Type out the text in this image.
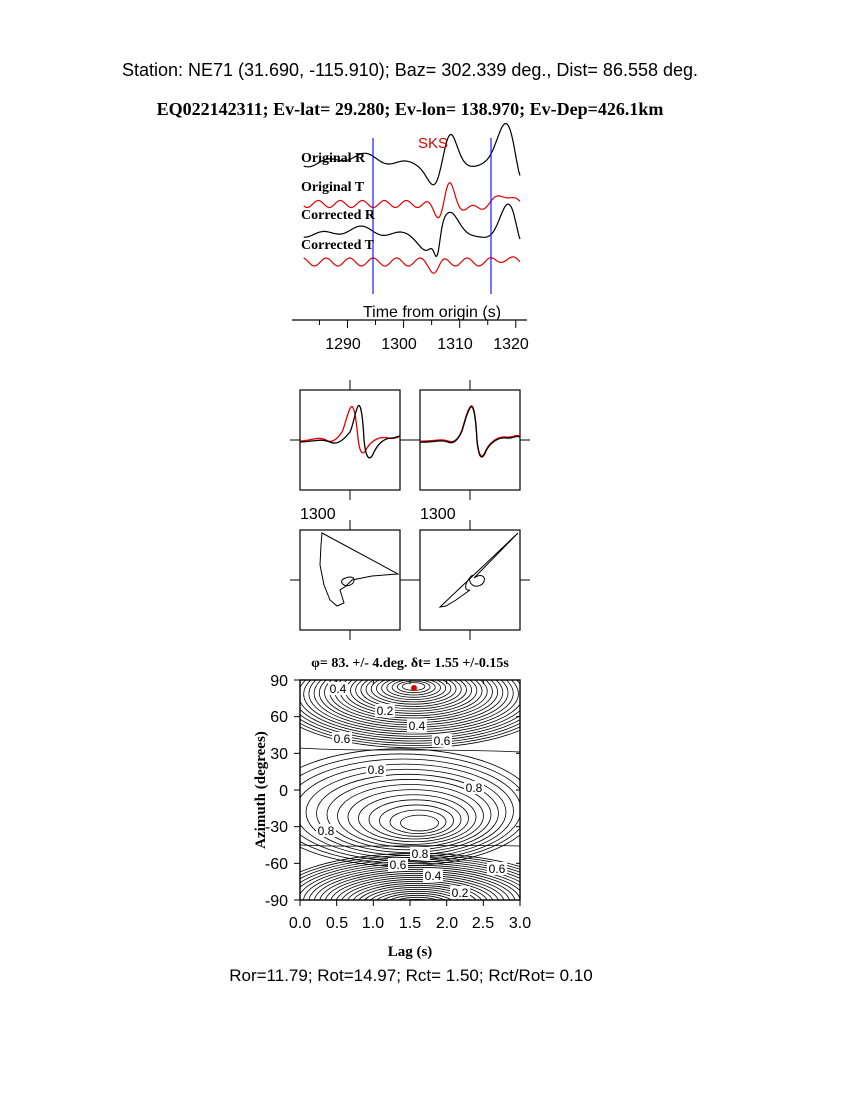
Station: NE71 (31.690, -115.910); Baz= 302.339 deg., Dist= 86.558 deg.
EQ022142311; Ev-lat= 29.280; Ev-lon= 138.970; Ev-Dep=426.1km
SKS
Original R
Original T
Corrected R
Corrected T
Time from origin (s)
1290 1300 1310 1320
1300	1300
φ= 83. +/- 4.deg. δt= 1.55 +/-0.15s
0.4
0.2
0.4
0.6	0.6
0.8
0.8
0.8
0.8
0.6
0.4	0.6
0.2
90
60
30
0
-30
-60
-90
0.0 0.5 1.0 1.5 2.0 2.5 3.0
Lag (s)
Azimuth (degrees)
Ror=11.79; Rot=14.97; Rct= 1.50; Rct/Rot= 0.10
